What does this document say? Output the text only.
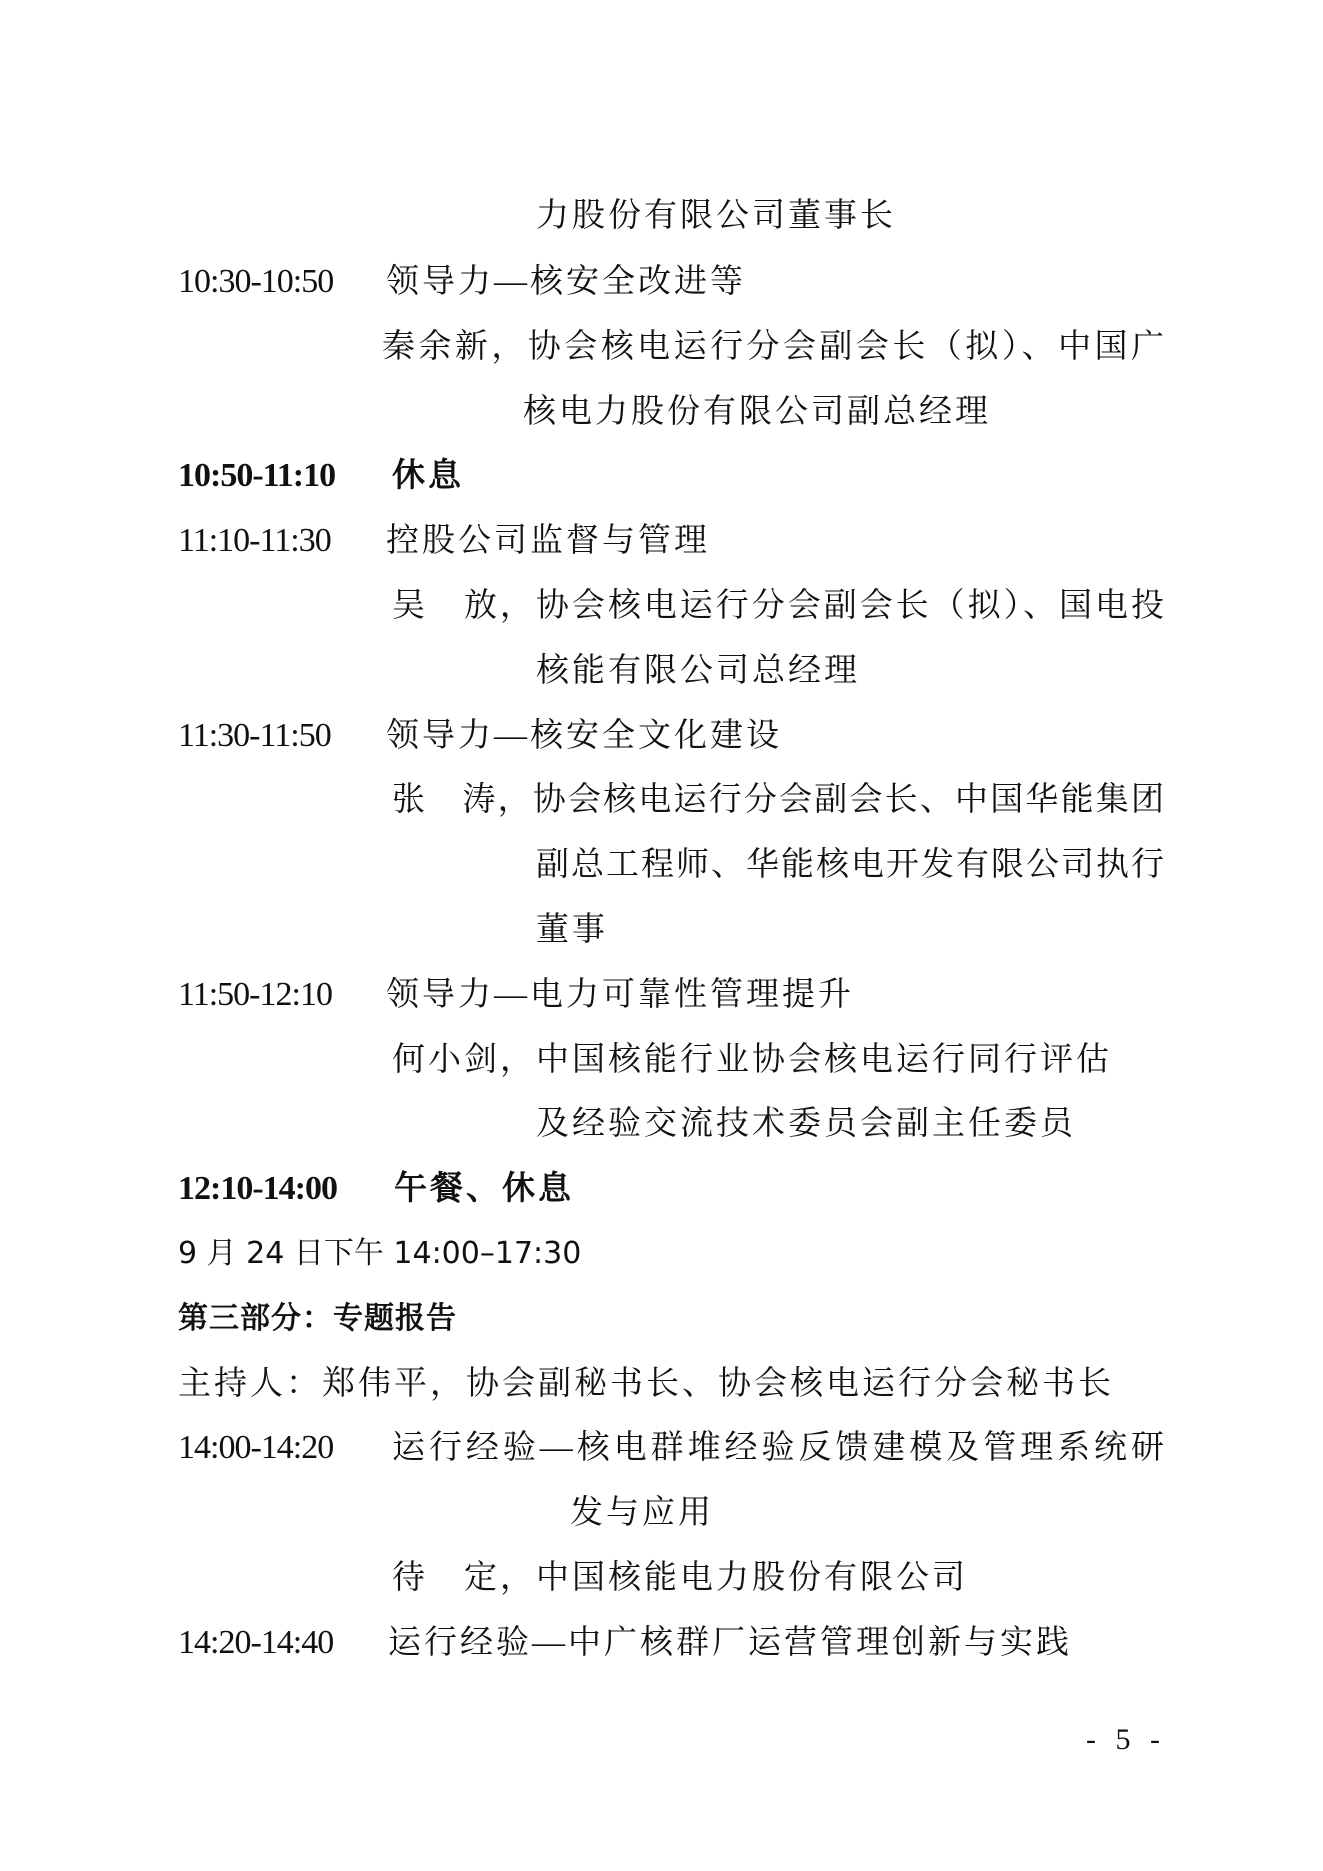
力股份有限公司董事长
10:30-10:50 领导力—核安全改进等
秦余新，协会核电运行分会副会长（拟）、中国广
核电力股份有限公司副总经理
10:50-11:10 休息
11:10-11:30 控股公司监督与管理
吴　放，协会核电运行分会副会长（拟）、国电投
核能有限公司总经理
11:30-11:50 领导力—核安全文化建设
张　涛，协会核电运行分会副会长、中国华能集团
副总工程师、华能核电开发有限公司执行
董事
11:50-12:10 领导力—电力可靠性管理提升
何小剑，中国核能行业协会核电运行同行评估
及经验交流技术委员会副主任委员
12:10-14:00 午餐、休息
9 月 24 日下午 14:00–17:30
第三部分：专题报告
主持人：郑伟平，协会副秘书长、协会核电运行分会秘书长
14:00-14:20 运行经验—核电群堆经验反馈建模及管理系统研
发与应用
待　定，中国核能电力股份有限公司
14:20-14:40 运行经验—中广核群厂运营管理创新与实践
- 5 -
